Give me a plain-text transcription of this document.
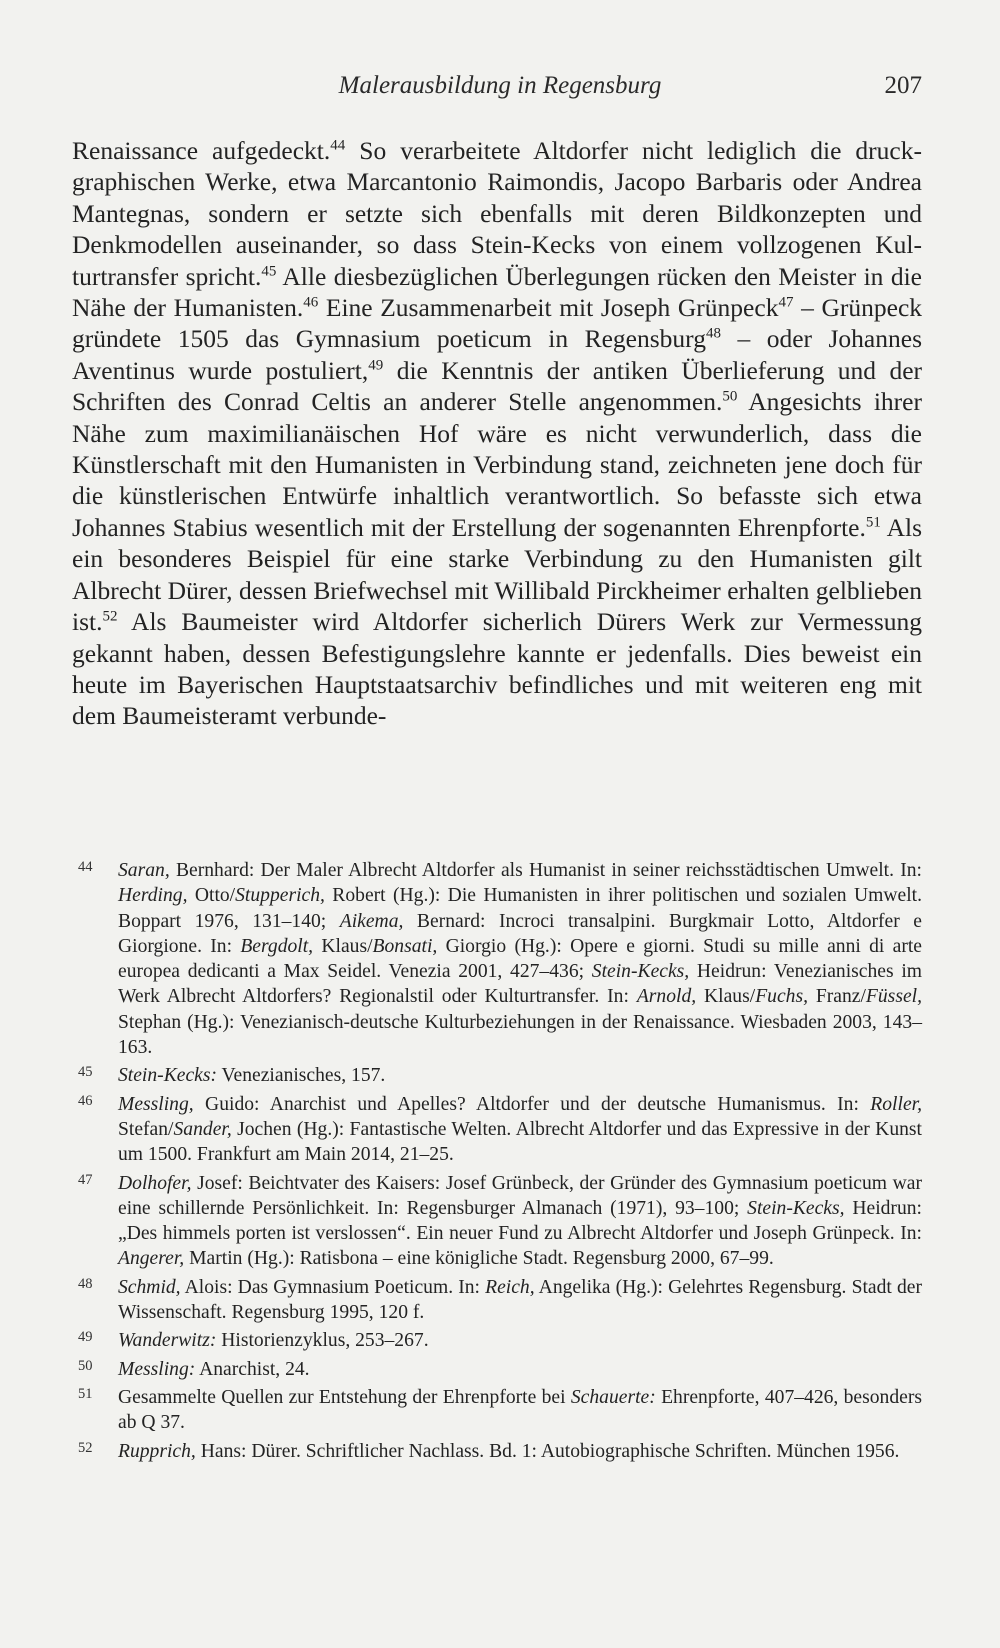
Malerausbildung in Regensburg	207
Renaissance aufgedeckt.$^{44}$ So verarbeitete Altdorfer nicht lediglich die druckgraphischen Werke, etwa Marcantonio Raimondis, Jacopo Barbaris oder Andrea Mantegnas, sondern er setzte sich ebenfalls mit deren Bildkonzepten und Denkmodellen auseinander, so dass Stein-Kecks von einem vollzogenen Kulturtransfer spricht.$^{45}$ Alle diesbezüglichen Überlegungen rücken den Meister in die Nähe der Humanisten.$^{46}$ Eine Zusammenarbeit mit Joseph Grünpeck$^{47}$ – Grünpeck gründete 1505 das Gymnasium poeticum in Regensburg$^{48}$ – oder Johannes Aventinus wurde postuliert,$^{49}$ die Kenntnis der antiken Überlieferung und der Schriften des Conrad Celtis an anderer Stelle angenommen.$^{50}$ Angesichts ihrer Nähe zum maximilianäischen Hof wäre es nicht verwunderlich, dass die Künstlerschaft mit den Humanisten in Verbindung stand, zeichneten jene doch für die künstlerischen Entwürfe inhaltlich verantwortlich. So befasste sich etwa Johannes Stabius wesentlich mit der Erstellung der sogenannten Ehrenpforte.$^{51}$ Als ein besonderes Beispiel für eine starke Verbindung zu den Humanisten gilt Albrecht Dürer, dessen Briefwechsel mit Willibald Pirckheimer erhalten gelblieben ist.$^{52}$ Als Baumeister wird Altdorfer sicherlich Dürers Werk zur Vermessung gekannt haben, dessen Befestigungslehre kannte er jedenfalls. Dies beweist ein heute im Bayerischen Hauptstaatsarchiv befindliches und mit weiteren eng mit dem Baumeisteramt verbunde-
44 Saran, Bernhard: Der Maler Albrecht Altdorfer als Humanist in seiner reichsstädtischen Umwelt. In: Herding, Otto/Stupperich, Robert (Hg.): Die Humanisten in ihrer politischen und sozialen Umwelt. Boppart 1976, 131–140; Aikema, Bernard: Incroci transalpini. Burgkmair Lotto, Altdorfer e Giorgione. In: Bergdolt, Klaus/Bonsati, Giorgio (Hg.): Opere e giorni. Studi su mille anni di arte europea dedicanti a Max Seidel. Venezia 2001, 427–436; Stein-Kecks, Heidrun: Venezianisches im Werk Albrecht Altdorfers? Regionalstil oder Kulturtransfer. In: Arnold, Klaus/Fuchs, Franz/Füssel, Stephan (Hg.): Venezianisch-deutsche Kulturbeziehungen in der Renaissance. Wiesbaden 2003, 143–163.
45 Stein-Kecks: Venezianisches, 157.
46 Messling, Guido: Anarchist und Apelles? Altdorfer und der deutsche Humanismus. In: Roller, Stefan/Sander, Jochen (Hg.): Fantastische Welten. Albrecht Altdorfer und das Expressive in der Kunst um 1500. Frankfurt am Main 2014, 21–25.
47 Dolhofer, Josef: Beichtvater des Kaisers: Josef Grünbeck, der Gründer des Gymnasium poeticum war eine schillernde Persönlichkeit. In: Regensburger Almanach (1971), 93–100; Stein-Kecks, Heidrun: „Des himmels porten ist verslossen“. Ein neuer Fund zu Albrecht Altdorfer und Joseph Grünpeck. In: Angerer, Martin (Hg.): Ratisbona – eine königliche Stadt. Regensburg 2000, 67–99.
48 Schmid, Alois: Das Gymnasium Poeticum. In: Reich, Angelika (Hg.): Gelehrtes Regensburg. Stadt der Wissenschaft. Regensburg 1995, 120 f.
49 Wanderwitz: Historienzyklus, 253–267.
50 Messling: Anarchist, 24.
51 Gesammelte Quellen zur Entstehung der Ehrenpforte bei Schauerte: Ehrenpforte, 407–426, besonders ab Q 37.
52 Rupprich, Hans: Dürer. Schriftlicher Nachlass. Bd. 1: Autobiographische Schriften. München 1956.
